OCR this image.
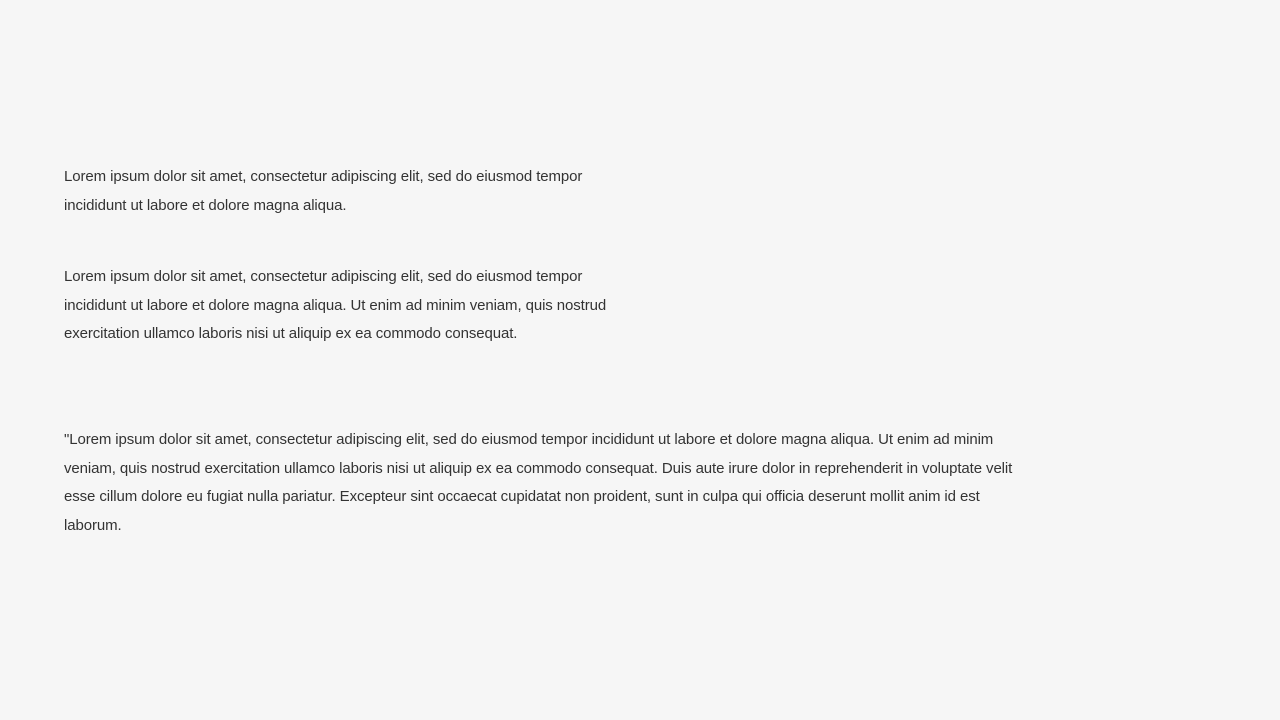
Lorem ipsum dolor sit amet, consectetur adipiscing elit, sed do eiusmod tempor incididunt ut labore et dolore magna aliqua.

Lorem ipsum dolor sit amet, consectetur adipiscing elit, sed do eiusmod tempor incididunt ut labore et dolore magna aliqua. Ut enim ad minim veniam, quis nostrud exercitation ullamco laboris nisi ut aliquip ex ea commodo consequat.

"Lorem ipsum dolor sit amet, consectetur adipiscing elit, sed do eiusmod tempor incididunt ut labore et dolore magna aliqua. Ut enim ad minim veniam, quis nostrud exercitation ullamco laboris nisi ut aliquip ex ea commodo consequat. Duis aute irure dolor in reprehenderit in voluptate velit esse cillum dolore eu fugiat nulla pariatur. Excepteur sint occaecat cupidatat non proident, sunt in culpa qui officia deserunt mollit anim id est laborum.
